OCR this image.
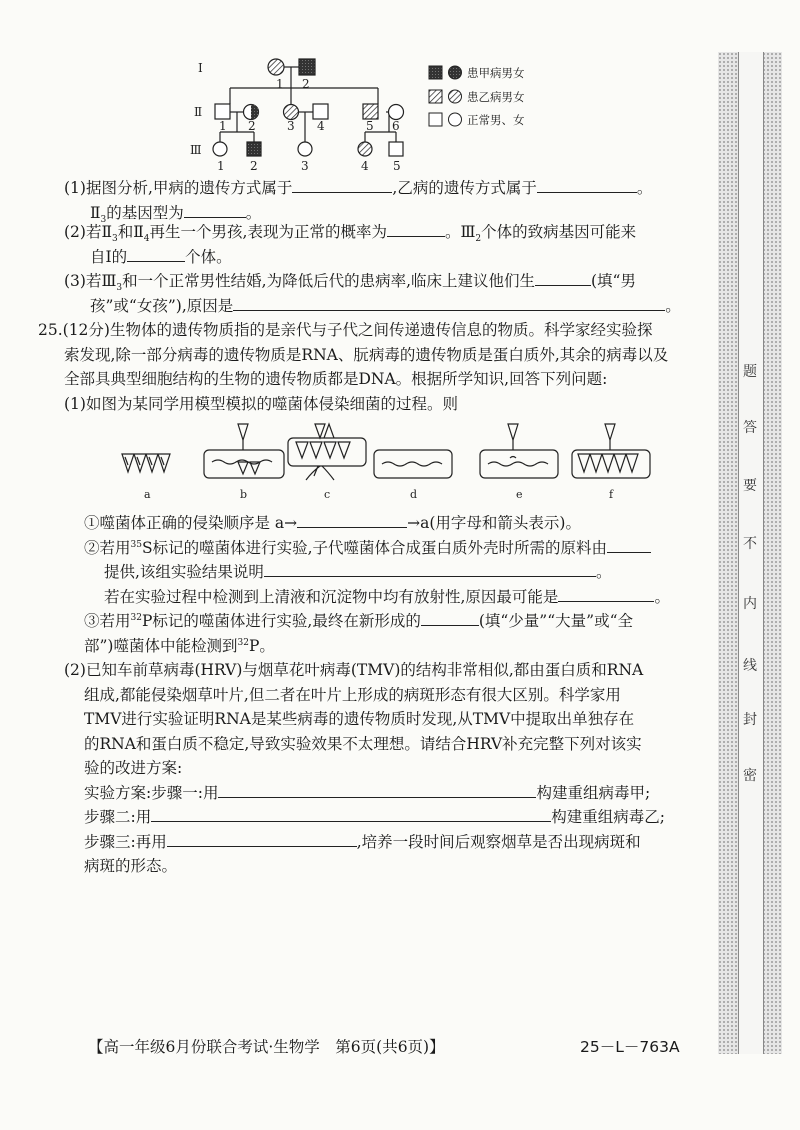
Ⅰ
Ⅱ
Ⅲ
1 2
1 2	3 4	5 6
1 2	3	4 5
患甲病男女
患乙病男女
正常男、女
(1)据图分析,甲病的遗传方式属于	,乙病的遗传方式属于	。
$Ⅱ_3$的基因型为	。
(2)若$Ⅱ_3$和$Ⅱ_4$再生一个男孩,表现为正常的概率为	。$Ⅲ_2$个体的致病基因可能来
自Ⅰ的	个体。
(3)若$Ⅲ_3$和一个正常男性结婚,为降低后代的患病率,临床上建议他们生	(填“男
孩”或“女孩”),原因是	。
25.(12分)生物体的遗传物质指的是亲代与子代之间传递遗传信息的物质。科学家经实验探
索发现,除一部分病毒的遗传物质是RNA、朊病毒的遗传物质是蛋白质外,其余的病毒以及
全部具典型细胞结构的生物的遗传物质都是DNA。根据所学知识,回答下列问题:
(1)如图为某同学用模型模拟的噬菌体侵染细菌的过程。则
a	b	c	d	e	f
①噬菌体正确的侵染顺序是 a→	→a(用字母和箭头表示)。
②若用$^{35}$S标记的噬菌体进行实验,子代噬菌体合成蛋白质外壳时所需的原料由
提供,该组实验结果说明	。
若在实验过程中检测到上清液和沉淀物中均有放射性,原因最可能是	。
③若用$^{32}$P标记的噬菌体进行实验,最终在新形成的	(填“少量”“大量”或“全
部”)噬菌体中能检测到$^{32}$P。
(2)已知车前草病毒(HRV)与烟草花叶病毒(TMV)的结构非常相似,都由蛋白质和RNA
组成,都能侵染烟草叶片,但二者在叶片上形成的病斑形态有很大区别。科学家用
TMV进行实验证明RNA是某些病毒的遗传物质时发现,从TMV中提取出单独存在
的RNA和蛋白质不稳定,导致实验效果不太理想。请结合HRV补充完整下列对该实
验的改进方案:
实验方案:步骤一:用	构建重组病毒甲;
步骤二:用	构建重组病毒乙;
步骤三:再用	,培养一段时间后观察烟草是否出现病斑和
病斑的形态。
【高一年级6月份联合考试·生物学　第6页(共6页)】	25－L－763A
密
封
线
内
不
要
答
题
